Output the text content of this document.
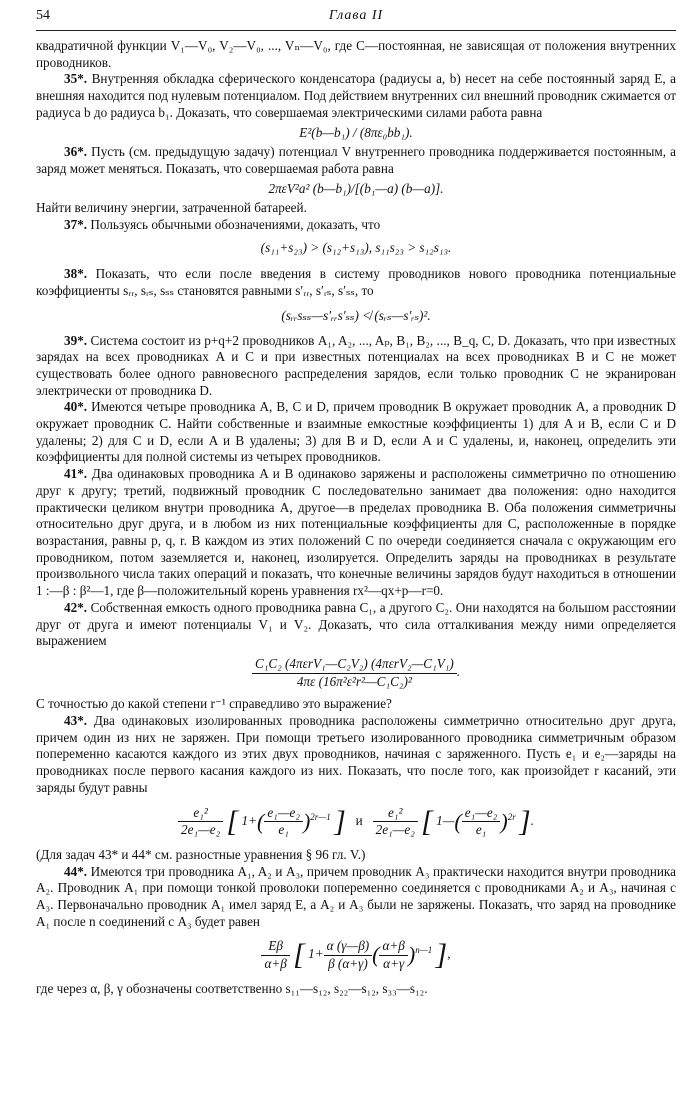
54	Глава II

квадратичной функции V₁—V₀, V₂—V₀, ..., Vₙ—V₀, где C—постоянная, не зависящая от положения внутренних проводников.

35*. Внутренняя обкладка сферического конденсатора (радиусы a, b) несет на себе постоянный заряд E, а внешняя находится под нулевым потенциалом. Под действием внутренних сил внешний проводник сжимается от радиуса b до радиуса b₁. Доказать, что совершаемая электрическими силами работа равна

E²(b—b₁) / (8πε₀bb₁).

36*. Пусть (см. предыдущую задачу) потенциал V внутреннего проводника поддерживается постоянным, а заряд может меняться. Показать, что совершаемая работа равна

2πεV²a² (b—b₁)/[(b₁—a) (b—a)].

Найти величину энергии, затраченной батареей.

37*. Пользуясь обычными обозначениями, доказать, что

(s₁₁+s₂₃) > (s₁₂+s₁₃), s₁₁s₂₃ > s₁₂s₁₃.

38*. Показать, что если после введения в систему проводников нового проводника потенциальные коэффициенты sᵣᵣ, sᵣₛ, sₛₛ становятся равными s′ᵣᵣ, s′ᵣₛ, s′ₛₛ, то

(sᵣᵣsₛₛ—s′ᵣᵣs′ₛₛ) ≮ (sᵣₛ—s′ᵣₛ)².

39*. Система состоит из p+q+2 проводников A₁, A₂, ..., Aₚ, B₁, B₂, ..., B_q, C, D. Доказать, что при известных зарядах на всех проводниках A и C и при известных потенциалах на всех проводниках B и C не может существовать более одного равновесного распределения зарядов, если только проводник C не экранирован электрически от проводника D.

40*. Имеются четыре проводника A, B, C и D, причем проводник B окружает проводник A, а проводник D окружает проводник C. Найти собственные и взаимные емкостные коэффициенты 1) для A и B, если C и D удалены; 2) для C и D, если A и B удалены; 3) для B и D, если A и C удалены, и, наконец, определить эти коэффициенты для полной системы из четырех проводников.

41*. Два одинаковых проводника A и B одинаково заряжены и расположены симметрично по отношению друг к другу; третий, подвижный проводник C последовательно занимает два положения: одно находится практически целиком внутри проводника A, другое—в пределах проводника B. Оба положения симметричны относительно друг друга, и в любом из них потенциальные коэффициенты для C, расположенные в порядке возрастания, равны p, q, r. В каждом из этих положений C по очереди соединяется сначала с окружающим его проводником, потом заземляется и, наконец, изолируется. Определить заряды на проводниках в результате произвольного числа таких операций и показать, что конечные величины зарядов будут находиться в отношении 1 :—β : β²—1, где β—положительный корень уравнения rx²—qx+p—r=0.

42*. Собственная емкость одного проводника равна C₁, а другого C₂. Они находятся на большом расстоянии друг от друга и имеют потенциалы V₁ и V₂. Доказать, что сила отталкивания между ними определяется выражением

$\frac{\text{C₁C₂ (4πεrV₁—C₂V₂) (4πεrV₂—C₁V₁)}}{\text{4πε (16π²ε²r²—C₁C₂)²}}$ .

С точностью до какой степени r⁻¹ справедливо это выражение?

43*. Два одинаковых изолированных проводника расположены симметрично относительно друг друга, причем один из них не заряжен. При помощи третьего изолированного проводника симметричным образом попеременно касаются каждого из этих двух проводников, начиная с заряженного. Пусть e₁ и e₂—заряды на проводниках после первого касания каждого из них. Показать, что после того, как произойдет r касаний, эти заряды будут равны

$\frac{\text{e₁²}}{\text{2e₁—e₂}}$ [ $1+( \frac{\text{e₁—e₂}}{\text{e₁}} )^{2r—1}$ ] и $\frac{\text{e₁²}}{\text{2e₁—e₂}}$ [ 1—( $\frac{\text{e₁—e₂}}{\text{e₁}} )^{2r}$ ].

(Для задач 43* и 44* см. разностные уравнения § 96 гл. V.)

44*. Имеются три проводника A₁, A₂ и A₃, причем проводник A₃ практически находится внутри проводника A₂. Проводник A₁ при помощи тонкой проволоки попеременно соединяется с проводниками A₂ и A₃, начиная с A₃. Первоначально проводник A₁ имел заряд E, а A₂ и A₃ были не заряжены. Показать, что заряд на проводнике A₁ после n соединений с A₃ будет равен

$\frac{E\beta}{\alpha+\beta}$ [ $1+ \frac{\alpha (\gamma—\beta)}{\beta (\alpha+\gamma)}$ ( $\frac{\alpha+\beta}{\alpha+\gamma} )^{n—1}$ ],

где через α, β, γ обозначены соответственно s₁₁—s₁₂, s₂₂—s₁₂, s₃₃—s₁₂.
